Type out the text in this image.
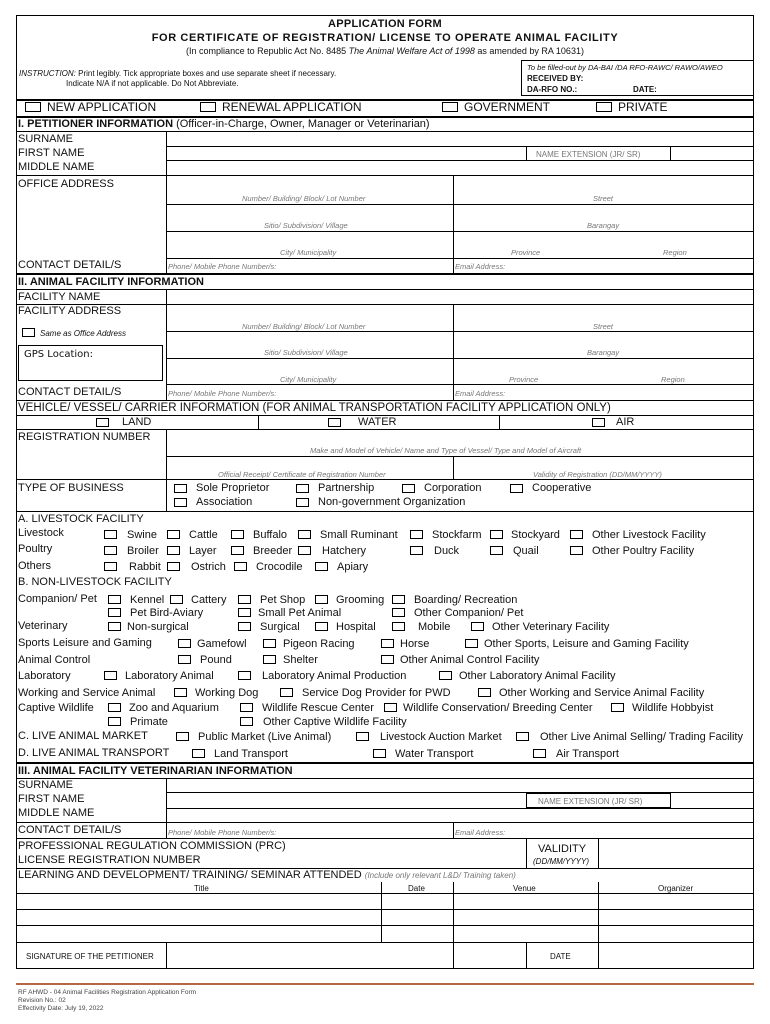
APPLICATION FORM
FOR CERTIFICATE OF REGISTRATION/ LICENSE TO OPERATE ANIMAL FACILITY
(In compliance to Republic Act No. 8485 The Animal Welfare Act of 1998 as amended by RA 10631)
INSTRUCTION: Print legibly. Tick appropriate boxes and use separate sheet if necessary.
Indicate N/A if not applicable. Do Not Abbreviate.
To be filled-out by DA-BAI /DA RFO-RAWC/ RAWO/AWEO
RECEIVED BY:
DA-RFO NO.:	DATE:
NEW APPLICATION	RENEWAL APPLICATION	GOVERNMENT	PRIVATE
I. PETITIONER INFORMATION (Officer-in-Charge, Owner, Manager or Veterinarian)
SURNAME
FIRST NAME
MIDDLE NAME
NAME EXTENSION (JR/ SR)
OFFICE ADDRESS
Number/ Building/ Block/ Lot Number	Street
Sitio/ Subdivision/ Village	Barangay
City/ Municipality	Province	Region
CONTACT DETAIL/S	Phone/ Mobile Phone Number/s:	Email Address:
II. ANIMAL FACILITY INFORMATION
FACILITY NAME
FACILITY ADDRESS
Same as Office Address
GPS Location:
Number/ Building/ Block/ Lot Number	Street
Sitio/ Subdivision/ Village	Barangay
City/ Municipality	Province	Region
CONTACT DETAIL/S	Phone/ Mobile Phone Number/s:	Email Address:
VEHICLE/ VESSEL/ CARRIER INFORMATION (FOR ANIMAL TRANSPORTATION FACILITY APPLICATION ONLY)
LAND	WATER	AIR
REGISTRATION NUMBER
Make and Model of Vehicle/ Name and Type of Vessel/ Type and Model of Aircraft
Official Receipt/ Certificate of Registration Number	Validity of Registration (DD/MM/YYYY)
TYPE OF BUSINESS	Sole Proprietor	Partnership	Corporation	Cooperative
Association	Non-government Organization
A. LIVESTOCK FACILITY
Livestock	Swine	Cattle	Buffalo	Small Ruminant	Stockfarm	Stockyard	Other Livestock Facility
Poultry	Broiler	Layer	Breeder	Hatchery	Duck	Quail	Other Poultry Facility
Others	Rabbit	Ostrich	Crocodile	Apiary
B. NON-LIVESTOCK FACILITY
Companion/ Pet	Kennel Cattery	Pet Shop	Grooming	Boarding/ Recreation
Pet Bird-Aviary	Small Pet Animal	Other Companion/ Pet
Veterinary	Non-surgical	Surgical	Hospital	Mobile	Other Veterinary Facility
Sports Leisure and Gaming	Gamefowl	Pigeon Racing	Horse	Other Sports, Leisure and Gaming Facility
Animal Control	Pound	Shelter	Other Animal Control Facility
Laboratory	Laboratory Animal	Laboratory Animal Production	Other Laboratory Animal Facility
Working and Service Animal	Working Dog	Service Dog Provider for PWD	Other Working and Service Animal Facility
Captive Wildlife	Zoo and Aquarium	Wildlife Rescue Center	Wildlife Conservation/ Breeding Center	Wildlife Hobbyist
Primate	Other Captive Wildlife Facility
C. LIVE ANIMAL MARKET	Public Market (Live Animal)	Livestock Auction Market	Other Live Animal Selling/ Trading Facility
D. LIVE ANIMAL TRANSPORT	Land Transport	Water Transport	Air Transport
III. ANIMAL FACILITY VETERINARIAN INFORMATION
SURNAME
FIRST NAME
MIDDLE NAME
NAME EXTENSION (JR/ SR)
CONTACT DETAIL/S	Phone/ Mobile Phone Number/s:	Email Address:
PROFESSIONAL REGULATION COMMISSION (PRC)
LICENSE REGISTRATION NUMBER
VALIDITY
(DD/MM/YYYY)
LEARNING AND DEVELOPMENT/ TRAINING/ SEMINAR ATTENDED (Include only relevant L&D/ Training taken)
Title	Date	Venue	Organizer
SIGNATURE OF THE PETITIONER	DATE
RF AHWD - 04 Animal Facilities Registration Application Form
Revision No.: 02
Effectivity Date: July 19, 2022
